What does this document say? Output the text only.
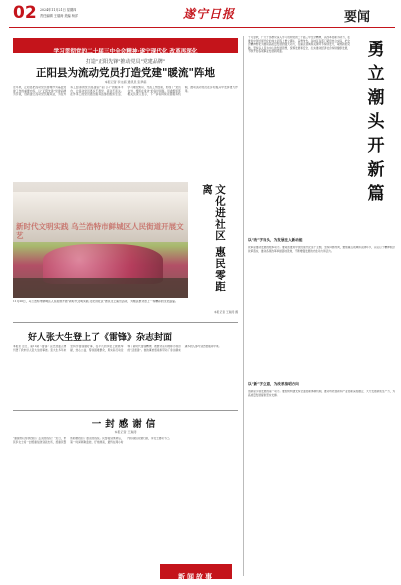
02 2024年11月21日 星期四
责任编辑 王瑞涛 美编 杨洋	遂宁日报	要闻
学习贯彻党的二十届三中全会精神·遂宁现代化 改革再深化
打造"正阳先锋"推动党员"党建品牌"
正阳县为流动党员打造党建"暖流"阵地
本报记者 李文娟 通讯员 张翠娟
近年来，正阳县把流动党员管理作为基层党建工作的重要内容，以“正阳先锋”党建品牌为引领，创新建立流动党员服务站，为在外务工经商的党员搭建起“家门口”的服务平台，让流动党员离乡不离党、流动不流失。在外务工的党员通过服务站参加组织生活、学习理论知识、交流工作经验，形成了“党员在外、组织在身边”的良好局面。县委组织部相关负责人表示，下一步将持续完善服务机制，推动流动党员在乡村振兴中发挥更大作用。
新时代文明实践 乌兰浩特市鲜城区人民街道开展文艺	文化进社区 惠民零距离
11月20日，乌兰浩特市鲜城区人民街道开展“新时代文明实践·文化进社区”惠民文艺演出活动，为辖区群众送上一场精彩的文化盛宴。
本报记者 王瑞涛 摄
好人张大生登上了《雷锋》杂志封面
本报讯 近日，第11期《雷锋》杂志封面人物刊登了我市好人张大生的事迹。张大生多年来坚持学雷锋做好事，在平凡的岗位上默默奉献，热心公益、帮扶困难群众，用实际行动诠释了新时代雷锋精神，被群众亲切地称为身边的“活雷锋”。他的事迹感染和带动了身边越来越多的人参与到志愿服务中来。
一封感谢信
本报记者 王瑞涛
“谢谢你们帮我找回了丢失的钱包！”近日，市民李女士将一封感谢信送到派出所，感谢民警帮助她找回了遗失的钱包。民警接到求助后，第一时间调取监控，仔细排查，最终在两小时内将钱包完璧归赵，李女士激动不已。
十月金秋，广大干部群众深入学习贯彻党的二十届三中全会精神，以改革创新为动力，在推进中国式现代化的伟大征程上勇立潮头、奋勇争先。各地区各部门紧密结合实际，把全会精神转化为推动高质量发展的强大动力，在重点领域和关键环节持续发力，取得新的突破。坚持以人民为中心的发展思想，统筹发展和安全，扎实推动经济社会持续健康发展，不断开创各项事业发展新局面。	勇立潮头开新篇
以“改”字当头，为发展注入新动能
改革是推动发展的根本动力。要紧扣推进中国式现代化这个主题，坚持问题导向，聚焦重点领域和关键环节，以钉钉子精神抓好改革落实，推动各项改革举措落地见效，不断增强发展的内生动力和活力。
以“新”字立意，为改革指明方向
创新是引领发展的第一动力。要加快构建支持全面创新体制机制，推动科技创新和产业创新深度融合，大力发展新质生产力，为高质量发展提供坚实支撑。
新闻故事
